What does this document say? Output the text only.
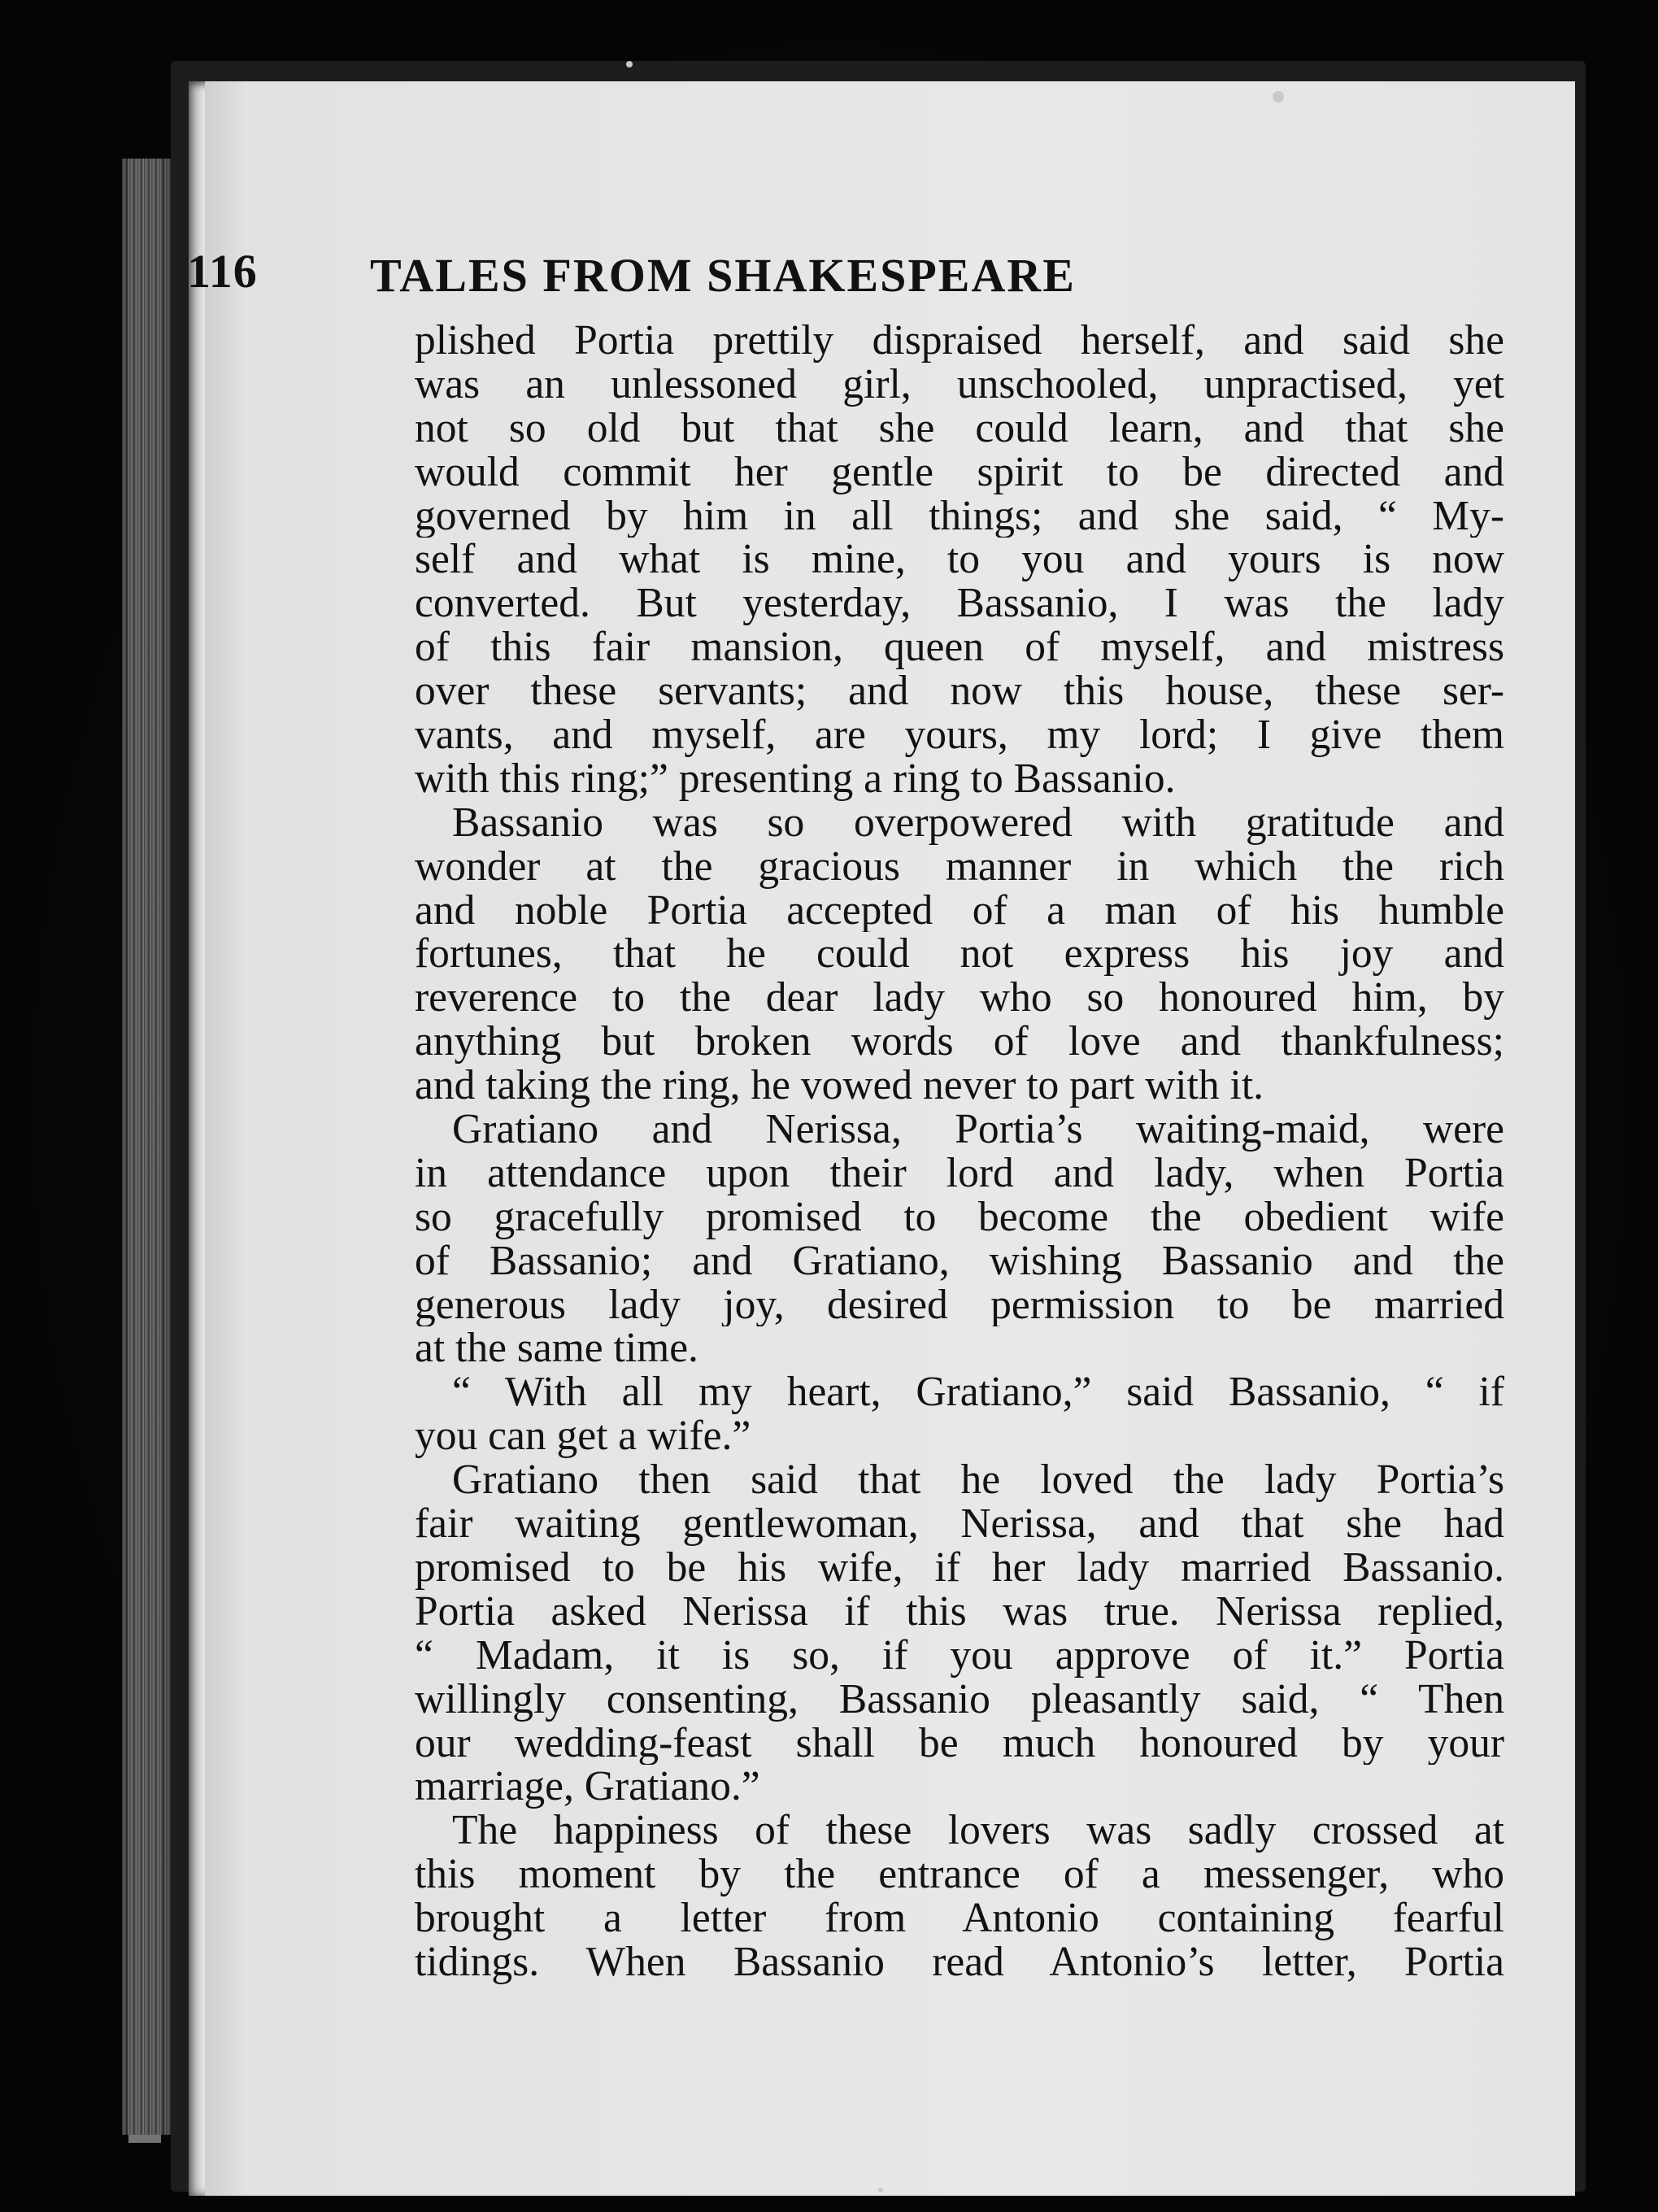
116 TALES FROM SHAKESPEARE
plished Portia prettily dispraised herself, and said she
was an unlessoned girl, unschooled, unpractised, yet
not so old but that she could learn, and that she
would commit her gentle spirit to be directed and
governed by him in all things; and she said, “ My-
self and what is mine, to you and yours is now
converted. But yesterday, Bassanio, I was the lady
of this fair mansion, queen of myself, and mistress
over these servants; and now this house, these ser-
vants, and myself, are yours, my lord; I give them
with this ring;” presenting a ring to Bassanio.
Bassanio was so overpowered with gratitude and
wonder at the gracious manner in which the rich
and noble Portia accepted of a man of his humble
fortunes, that he could not express his joy and
reverence to the dear lady who so honoured him, by
anything but broken words of love and thankfulness;
and taking the ring, he vowed never to part with it.
Gratiano and Nerissa, Portia’s waiting-maid, were
in attendance upon their lord and lady, when Portia
so gracefully promised to become the obedient wife
of Bassanio; and Gratiano, wishing Bassanio and the
generous lady joy, desired permission to be married
at the same time.
“ With all my heart, Gratiano,” said Bassanio, “ if
you can get a wife.”
Gratiano then said that he loved the lady Portia’s
fair waiting gentlewoman, Nerissa, and that she had
promised to be his wife, if her lady married Bassanio.
Portia asked Nerissa if this was true. Nerissa replied,
“ Madam, it is so, if you approve of it.” Portia
willingly consenting, Bassanio pleasantly said, “ Then
our wedding-feast shall be much honoured by your
marriage, Gratiano.”
The happiness of these lovers was sadly crossed at
this moment by the entrance of a messenger, who
brought a letter from Antonio containing fearful
tidings. When Bassanio read Antonio’s letter, Portia
